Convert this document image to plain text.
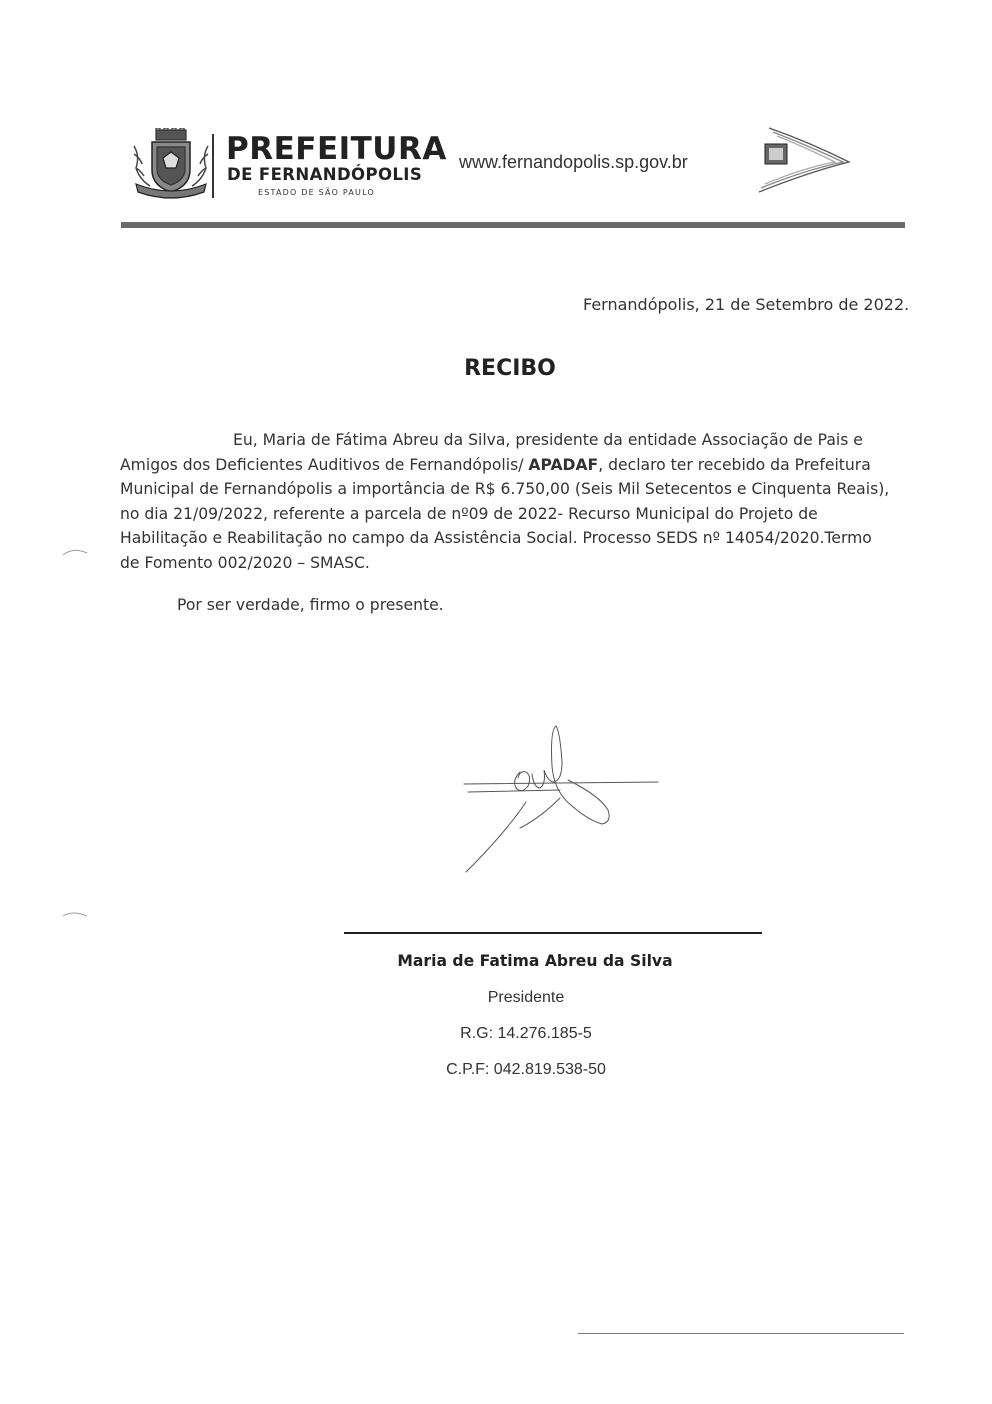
PREFEITURA
DE FERNANDÓPOLIS
ESTADO DE SÃO PAULO
www.fernandopolis.sp.gov.br
Fernandópolis, 21 de Setembro de 2022.
RECIBO
Eu, Maria de Fátima Abreu da Silva, presidente da entidade Associação de Pais e
Amigos dos Deficientes Auditivos de Fernandópolis/ APADAF, declaro ter recebido da Prefeitura
Municipal de Fernandópolis a importância de R$ 6.750,00 (Seis Mil Setecentos e Cinquenta Reais),
no dia 21/09/2022, referente a parcela de nº09 de 2022- Recurso Municipal do Projeto de
Habilitação e Reabilitação no campo da Assistência Social. Processo SEDS nº 14054/2020.Termo
de Fomento 002/2020 – SMASC.
Por ser verdade, firmo o presente.
Maria de Fatima Abreu da Silva
Presidente
R.G: 14.276.185-5
C.P.F: 042.819.538-50
